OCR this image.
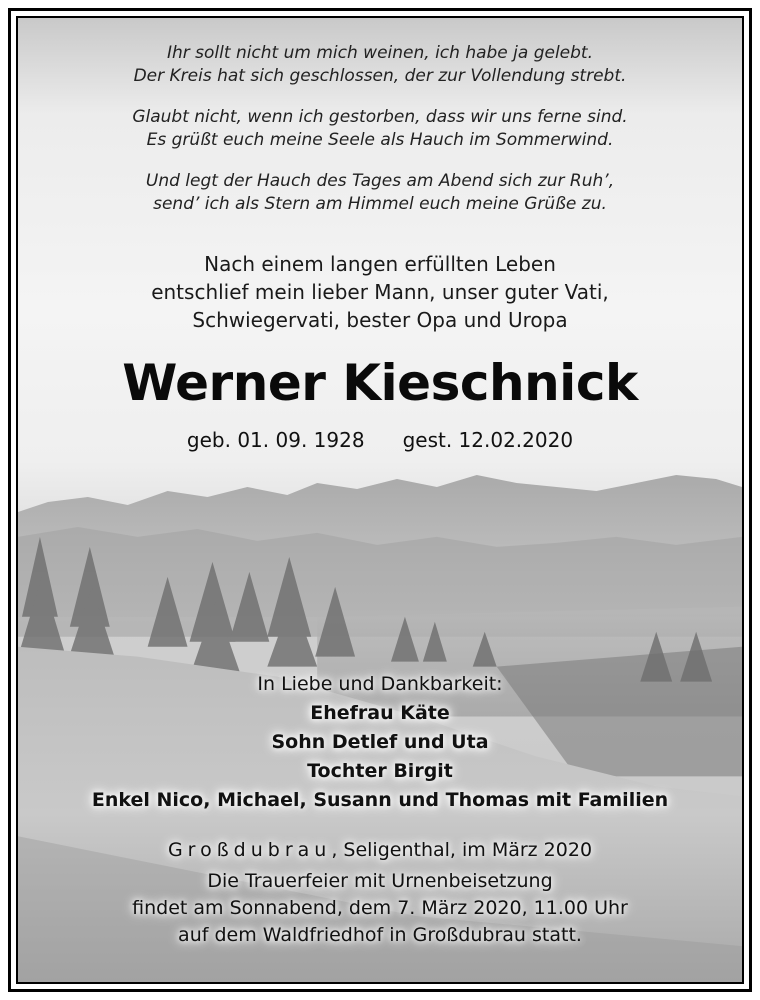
Ihr sollt nicht um mich weinen, ich habe ja gelebt.
Der Kreis hat sich geschlossen, der zur Vollendung strebt.
Glaubt nicht, wenn ich gestorben, dass wir uns ferne sind.
Es grüßt euch meine Seele als Hauch im Sommerwind.
Und legt der Hauch des Tages am Abend sich zur Ruh’,
send’ ich als Stern am Himmel euch meine Grüße zu.
Nach einem langen erfüllten Leben
entschlief mein lieber Mann, unser guter Vati,
Schwiegervati, bester Opa und Uropa
Werner Kieschnick
geb. 01. 09. 1928 gest. 12.02.2020
In Liebe und Dankbarkeit:
Ehefrau Käte
Sohn Detlef und Uta
Tochter Birgit
Enkel Nico, Michael, Susann und Thomas mit Familien
Großdubrau, Seligenthal, im März 2020
Die Trauerfeier mit Urnenbeisetzung
findet am Sonnabend, dem 7. März 2020, 11.00 Uhr
auf dem Waldfriedhof in Großdubrau statt.
